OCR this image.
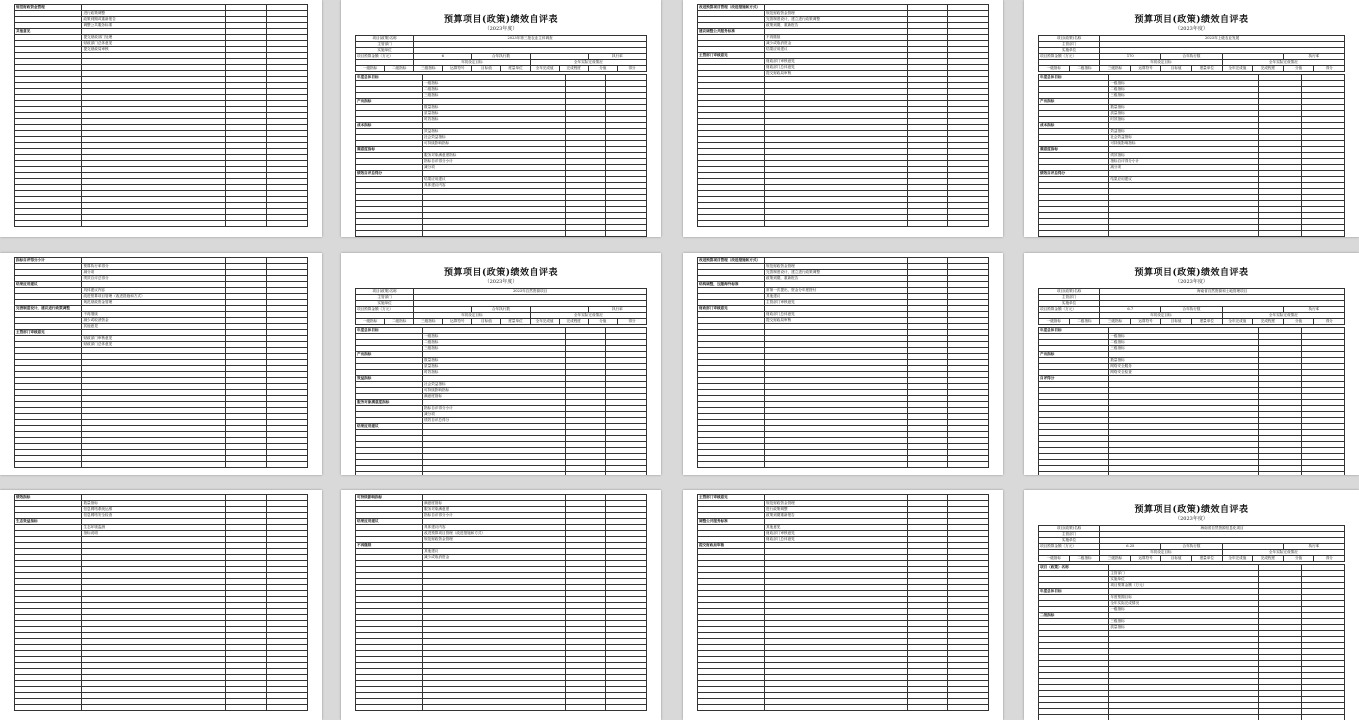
规范财政资金管理			
	进行政策调整		
	政策到期或重新报告		
	调整公共服务标准		
其他意见			
	提交财政部门处理		
	财政部门总体意见		
	提交财政局审核		

预算项目(政策)绩效自评表
（2023年度）
项目(政策)名称		2023年第三批农业主体调查							
主管部门									
实施单位									
项目预算金额（万元）		6		合年执行数				执行率	
		年初设定目标				全年实际完成情况			
一级指标	二级指标	三级指标	运算符号	目标值	度量单位	全年完成值	完成程度	分值	得分
年度总体目标			
	一级指标		
	二级指标		
	三级指标		
产出指标			
	数量指标		
	质量指标		
	时效指标		
成本指标			
	效益指标		
	社会效益指标		
	可持续影响指标		
满意度指标			
	服务对象满意度指标		
	指标自评得分小计		
	减分项		
绩效自评总得分			
	结果应用建议		
	具体建议内容		

改进预算项目管理（改进措施和方式）			
	规范财政资金管理		
	完善制度设计，建立进行政策调整		
	政策到期，重新报告		
建议调整公共服务标准			
	不再继续		
	减少或取消资金		
	结果应用建议		
主管部门审核意见			
	财政部门审核意见		
	财政部门总体意见		
	提交财政局审核		

预算项目(政策)绩效自评表
（2023年度）
项目(政策)名称		2023年上级农业发展							
主管部门									
实施单位									
项目预算金额（万元）		170		合年执行数				执行率	
		年初设定目标				全年实际完成情况			
一级指标	二级指标	三级指标	运算符号	目标值	度量单位	全年完成值	完成程度	分值	得分
年度总体目标			
	一级指标		
	二级指标		
	三级指标		
产出指标			
	数量指标		
	质量指标		
	时效指标		
成本指标			
	效益指标		
	社会效益指标		
	可持续影响指标		
满意度指标			
	绩效指标		
	指标自评得分小计		
	减分项		
绩效自评总得分			
	结果应用建议		

指标自评得分小计			
	预算执行率得分		
	减分项		
	绩效自评总得分		
结果应用建议			
	具体建议内容		
	改进预算项目管理（改进措施和方式）		
	规范财政资金管理		
完善制度设计，建议进行政策调整			
	不再继续		
	减少或取消资金		
	其他意见		
主管部门审核意见			
	财政部门审核意见		
	财政部门总体意见		

预算项目(政策)绩效自评表
（2023年度）
项目(政策)名称		2023年自然资源项目							
主管部门									
实施单位									
项目预算金额（万元）				合年执行数				执行率	
		年初设定目标				全年实际完成情况			
一级指标	二级指标	三级指标	运算符号	目标值	度量单位	全年完成值	完成程度	分值	得分
年度总体目标			
	一级指标		
	二级指标		
	三级指标		
产出指标			
	数量指标		
	质量指标		
	时效指标		
效益指标			
	社会效益指标		
	可持续影响指标		
	满意度指标		
服务对象满意度指标			
	指标自评得分小计		
	减分项		
	绩效自评总得分		
结果应用建议			

改进预算项目管理（改进措施和方式）			
	规范财政资金管理		
	完善制度设计，建立进行政策调整		
	政策到期，重新报告		
结构调整，压缩海外标准			
	常第一次提出，资金分年度拨付		
	其他建议		
	主管部门审核意见		
财政部门审核意见			
	财政部门总体意见		
	提交财政局审核		

预算项目(政策)绩效自评表
（2023年度）
项目(政策)名称		海南省自然资源和土地管理项目							
主管部门									
实施单位									
项目预算金额（万元）		6.7		合年执行数				执行率	
		年初设定目标				全年实际完成情况			
一级指标	二级指标	三级指标	运算符号	目标值	度量单位	全年完成值	完成程度	分值	得分
年度总体目标			
	一级指标		
	二级指标		
	三级指标		
产出指标			
	数量指标		
	网络安全服务		
	网络安全检查		
自评得分			

绩效指标			
	数量指标		
	信息网络系统运维		
	信息网络安全检查		
生态效益指标			
	生态环境监测		
	指标说明		

可持续影响指标			
	满意度指标		
	服务对象满意度		
	指标自评得分小计		
结果应用建议			
	具体建议内容		
	改进预算项目管理（改进措施和方式）		
	规范财政资金管理		
不再继续			
	其他建议		
	减少或取消资金		

主管部门审核意见			
	规范财政资金管理		
	进行政策调整		
	政策到期重新报告		
调整公共服务标准			
	其他意见		
	财政部门审核意见		
	财政部门总体意见		
提交财政局审核			

预算项目(政策)绩效自评表
（2023年度）
项目(政策)名称		海南省自然资源信息化项目							
主管部门									
实施单位									
项目预算金额（万元）		6.25		合年执行数				执行率	
		年初设定目标				全年实际完成情况			
一级指标	二级指标	三级指标	运算符号	目标值	度量单位	全年完成值	完成程度	分值	得分
项目（政策）名称			
	主管部门		
	实施单位		
	项目预算金额（万元）		
年度总体目标			
	年度预期目标		
	全年实际完成情况		
	一级指标		
二级指标			
	三级指标		
	质量指标		
